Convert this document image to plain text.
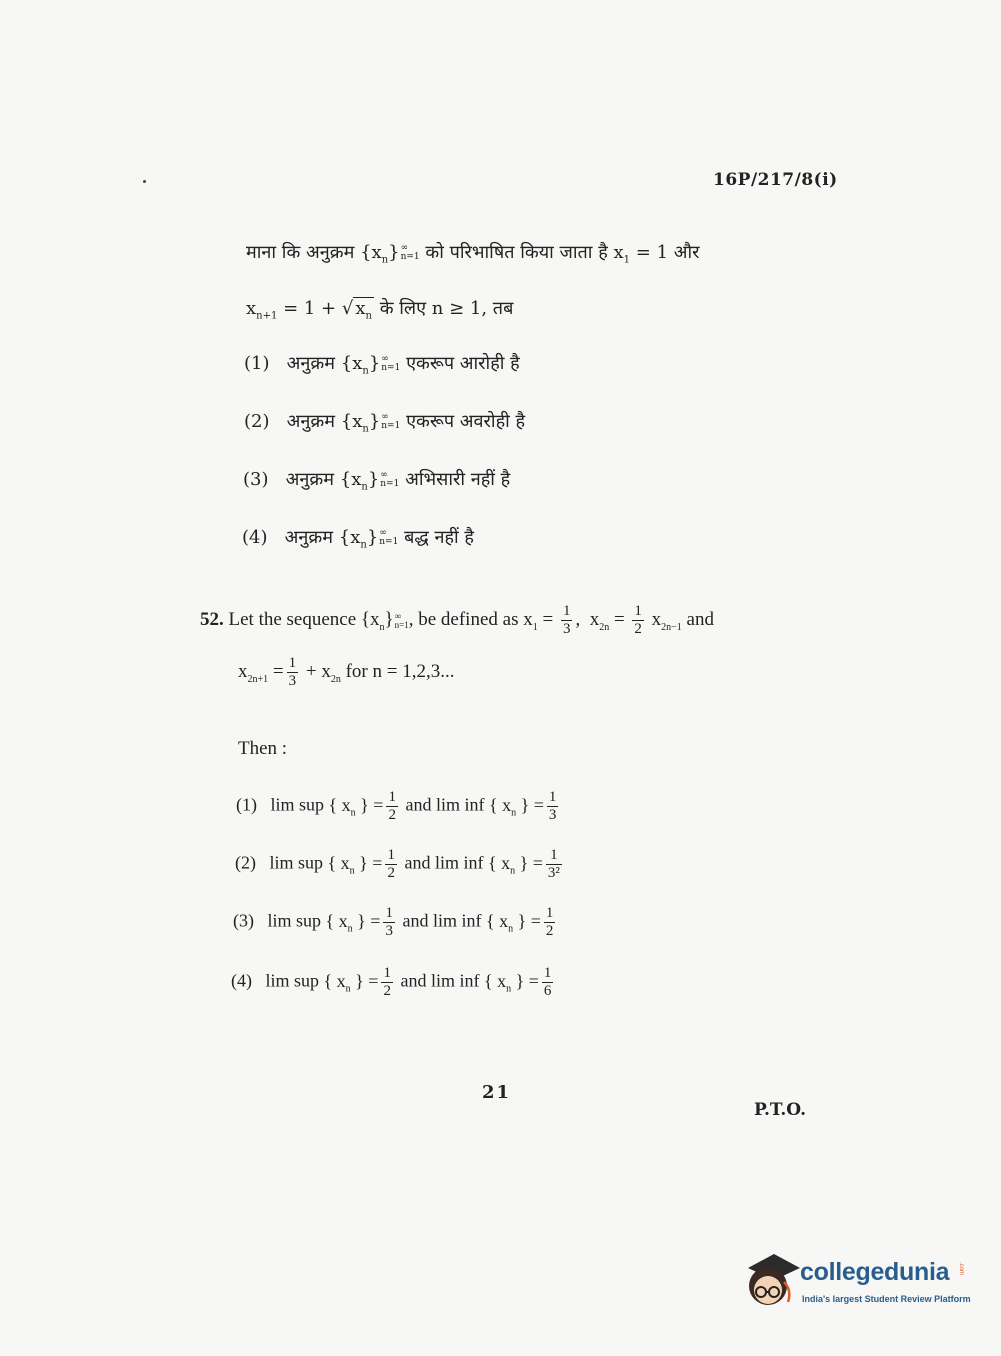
16P/217/8(i)
माना कि अनुक्रम $\{x_n\}$ ∞
n=1 को परिभाषित किया जाता है $x_1 = 1$ और
$x_{n+1} = 1$ + √ $x_n$ के लिए n ≥ 1, तब
(1) अनुक्रम $\{x_n\}$ ∞
n=1 एकरूप आरोही है
(2) अनुक्रम $\{x_n\}$ ∞
n=1 एकरूप अवरोही है
(3) अनुक्रम $\{x_n\}$ ∞
n=1 अभिसारी नहीं है
(4) अनुक्रम $\{x_n\}$ ∞
n=1 बद्ध नहीं है
52. Let the sequence $\{x_n\}$ ∞
n=1 , be defined as $x_1 = \frac{1}{3}$ , $x_{2n} = \frac{1}{2} x_{2n-1}$ and
$x_{2n+1} = \frac{1}{3} + x_{2n}$ for n = 1,2,3...
Then :
(1) lim sup { $x_n$ } = $\frac{1}{2}$ and lim inf { $x_n$ } = $\frac{1}{3}$
(2) lim sup { $x_n$ } = $\frac{1}{2}$ and lim inf { $x_n$ } = $\frac{1}{\text{3²}}$
(3) lim sup { $x_n$ } = $\frac{1}{3}$ and lim inf { $x_n$ } = $\frac{1}{2}$
(4) lim sup { $x_n$ } = $\frac{1}{2}$ and lim inf { $x_n$ } = $\frac{1}{6}$
21
P.T.O.
collegedunia .com
India's largest Student Review Platform
